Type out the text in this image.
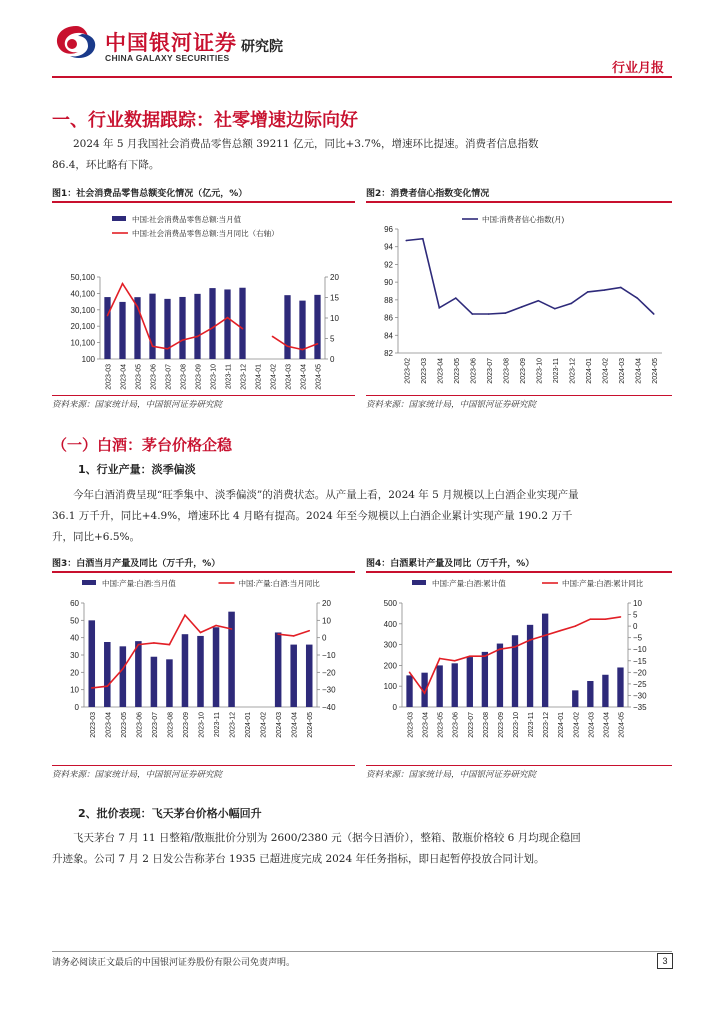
中国银河证券
CHINA GALAXY SECURITIES
研究院
行业月报
一、行业数据跟踪：社零增速边际向好
2024 年 5 月我国社会消费品零售总额 39211 亿元，同比+3.7%，增速环比提速。消费者信息指数 86.4，环比略有下降。
图1：社会消费品零售总额变化情况（亿元，%）
100
10,100
20,100
30,100
40,100
50,100
0
5
10
15
20
2023-03 2023-04 2023-05 2023-06 2023-07 2023-08 2023-09 2023-10 2023-11 2023-12 2024-01 2024-02 2024-03 2024-04 2024-05
中国:社会消费品零售总额:当月值
中国:社会消费品零售总额:当月同比（右轴）
资料来源：国家统计局，中国银河证券研究院
图2：消费者信心指数变化情况
82
84
86
88
90
92
94
96
2023-02 2023-03 2023-04 2023-05 2023-06 2023-07 2023-08 2023-09 2023-10 2023-11 2023-12 2024-01 2024-02 2024-03 2024-04 2024-05
中国:消费者信心指数(月)
资料来源：国家统计局，中国银河证券研究院
（一）白酒：茅台价格企稳
1、行业产量：淡季偏淡
今年白酒消费呈现“旺季集中、淡季偏淡”的消费状态。从产量上看，2024 年 5 月规模以上白酒企业实现产量 36.1 万千升，同比+4.9%，增速环比 4 月略有提高。2024 年至今规模以上白酒企业累计实现产量 190.2 万千升，同比+6.5%。
图3：白酒当月产量及同比（万千升，%）
0
10
20
30
40
50
60
−40
−30
−20
−10
0
10
20
2023-03 2023-04 2023-05 2023-06 2023-07 2023-08 2023-09 2023-10 2023-11 2023-12 2024-01 2024-02 2024-03 2024-04 2024-05
中国:产量:白酒:当月值	中国:产量:白酒:当月同比
资料来源：国家统计局，中国银河证券研究院
图4：白酒累计产量及同比（万千升，%）
0
100
200
300
400
500
−35
−30
−25
−20
−15
−10
−5
0
5
10
2023-03 2023-04 2023-05 2023-06 2023-07 2023-08 2023-09 2023-10 2023-11 2023-12 2024-01 2024-02 2024-03 2024-04 2024-05
中国:产量:白酒:累计值	中国:产量:白酒:累计同比
资料来源：国家统计局，中国银河证券研究院
2、批价表现：飞天茅台价格小幅回升
飞天茅台 7 月 11 日整箱/散瓶批价分别为 2600/2380 元（据今日酒价），整箱、散瓶价格较 6 月均现企稳回升迹象。公司 7 月 2 日发公告称茅台 1935 已超进度完成 2024 年任务指标，即日起暂停投放合同计划。
请务必阅读正文最后的中国银河证券股份有限公司免责声明。	3
